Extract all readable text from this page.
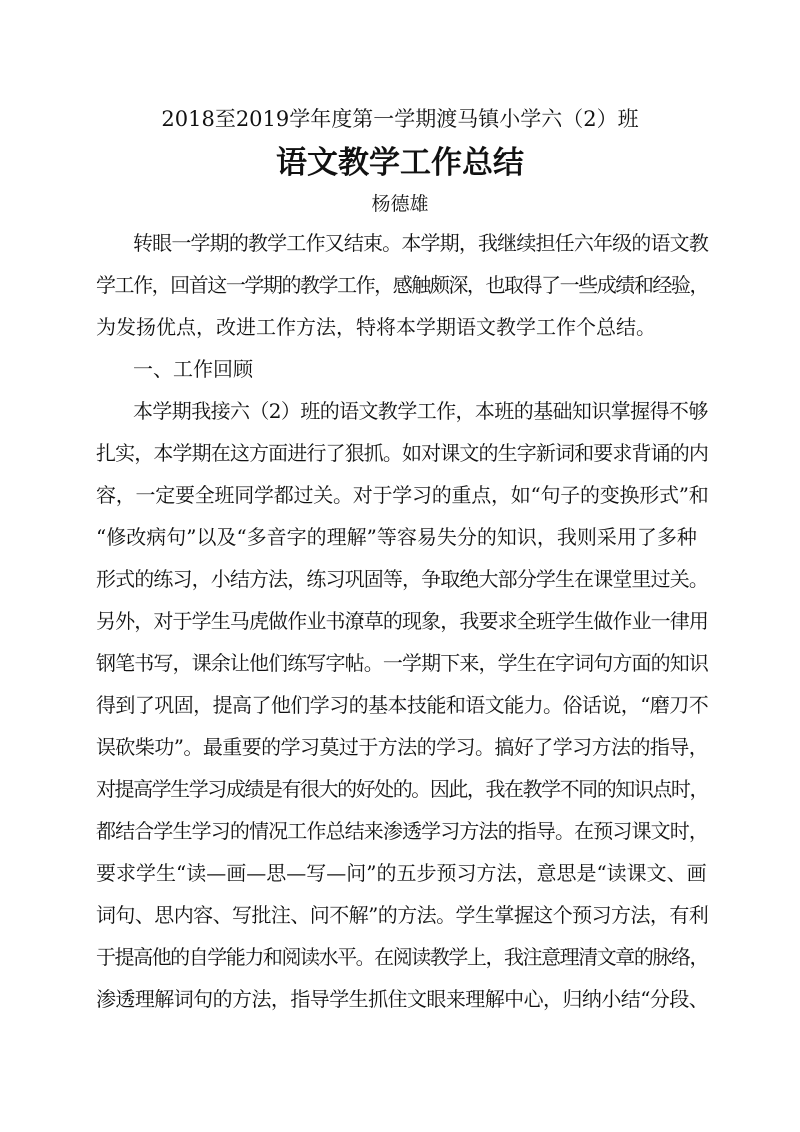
2018至2019学年度第一学期渡马镇小学六（2）班
语文教学工作总结
杨德雄
转眼一学期的教学工作又结束。本学期，我继续担任六年级的语文教
学工作，回首这一学期的教学工作，感触颇深，也取得了一些成绩和经验，
为发扬优点，改进工作方法，特将本学期语文教学工作个总结。
一、工作回顾
本学期我接六（2）班的语文教学工作，本班的基础知识掌握得不够
扎实，本学期在这方面进行了狠抓。如对课文的生字新词和要求背诵的内
容，一定要全班同学都过关。对于学习的重点，如“句子的变换形式”和
“修改病句”以及“多音字的理解”等容易失分的知识，我则采用了多种
形式的练习，小结方法，练习巩固等，争取绝大部分学生在课堂里过关。
另外，对于学生马虎做作业书潦草的现象，我要求全班学生做作业一律用
钢笔书写，课余让他们练写字帖。一学期下来，学生在字词句方面的知识
得到了巩固，提高了他们学习的基本技能和语文能力。俗话说，“磨刀不
误砍柴功”。最重要的学习莫过于方法的学习。搞好了学习方法的指导，
对提高学生学习成绩是有很大的好处的。因此，我在教学不同的知识点时，
都结合学生学习的情况工作总结来渗透学习方法的指导。在预习课文时，
要求学生“读—画—思—写—问”的五步预习方法，意思是“读课文、画
词句、思内容、写批注、问不解”的方法。学生掌握这个预习方法，有利
于提高他的自学能力和阅读水平。在阅读教学上，我注意理清文章的脉络，
渗透理解词句的方法，指导学生抓住文眼来理解中心，归纳小结“分段、
